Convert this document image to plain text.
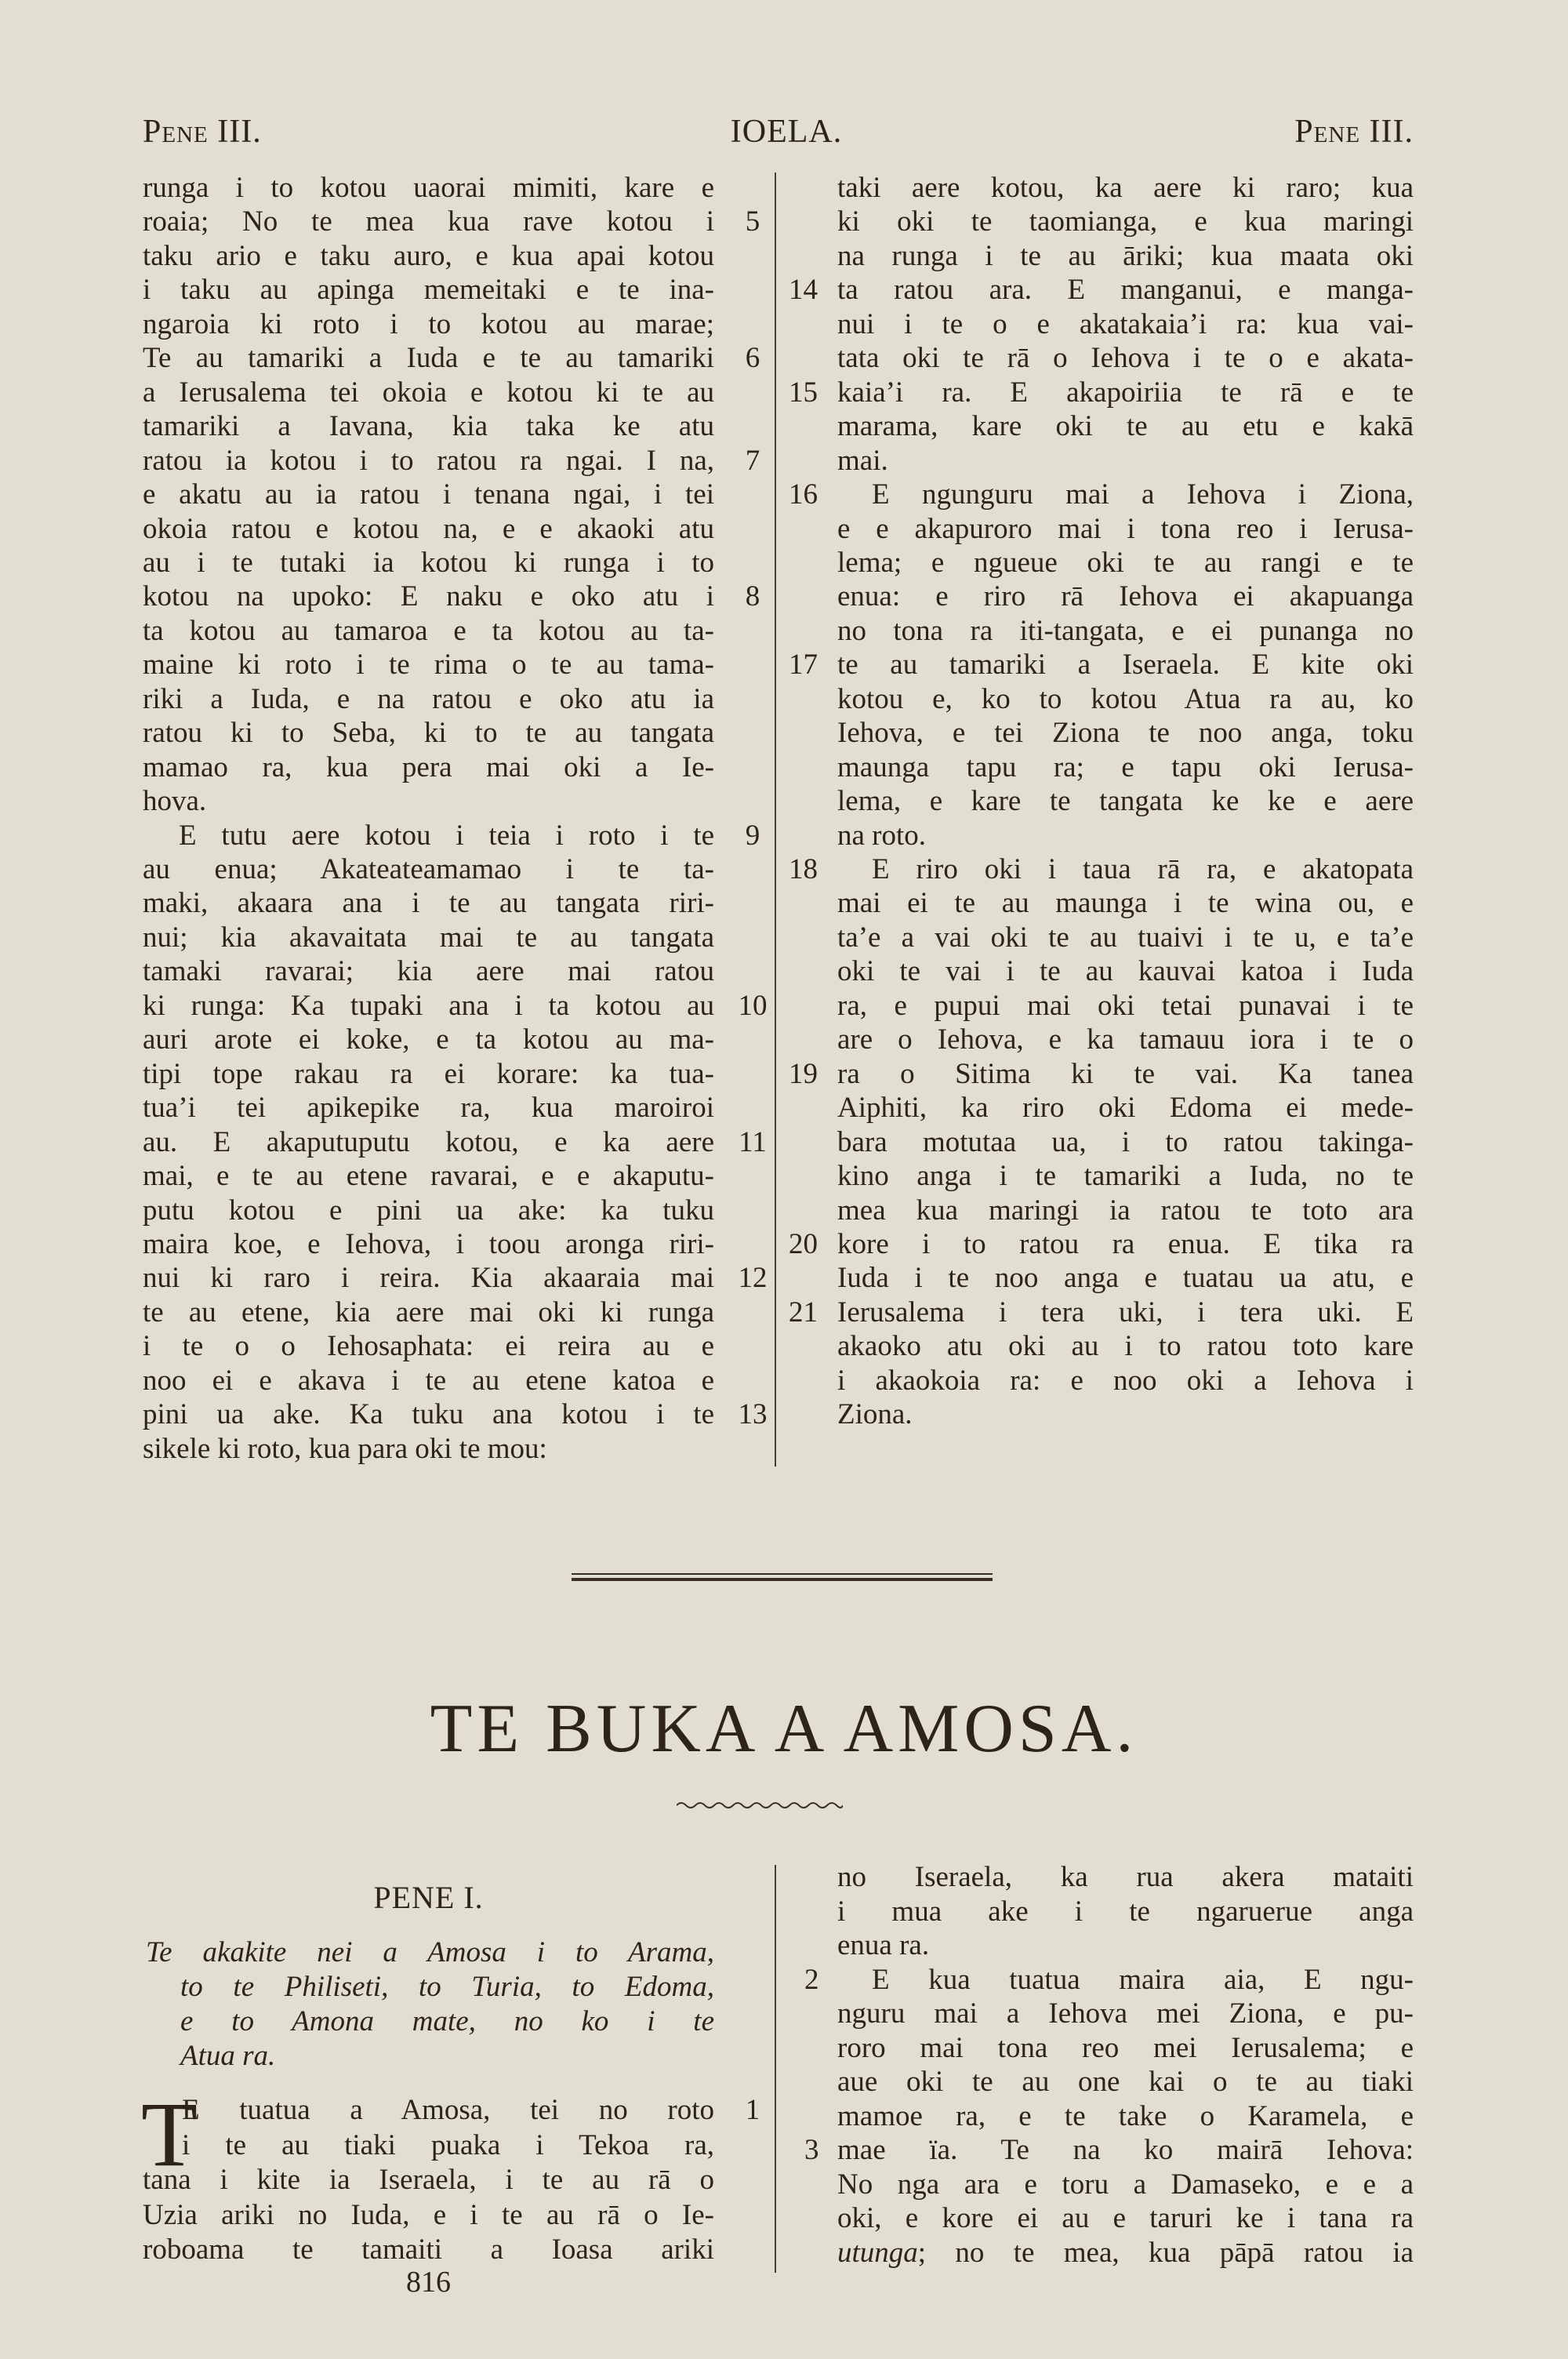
Pene III.	IOELA.	Pene III.
runga i to kotou uaorai mimiti, kare e
roaia; No te mea kua rave kotou i	5
taku ario e taku auro, e kua apai kotou
i taku au apinga memeitaki e te ina-
ngaroia ki roto i to kotou au marae;
Te au tamariki a Iuda e te au tamariki	6
a Ierusalema tei okoia e kotou ki te au
tamariki a Iavana, kia taka ke atu
ratou ia kotou i to ratou ra ngai. I na,	7
e akatu au ia ratou i tenana ngai, i tei
okoia ratou e kotou na, e e akaoki atu
au i te tutaki ia kotou ki runga i to
kotou na upoko: E naku e oko atu i	8
ta kotou au tamaroa e ta kotou au ta-
maine ki roto i te rima o te au tama-
riki a Iuda, e na ratou e oko atu ia
ratou ki to Seba, ki to te au tangata
mamao ra, kua pera mai oki a Ie-
hova.
E tutu aere kotou i teia i roto i te	9
au enua; Akateateamamao i te ta-
maki, akaara ana i te au tangata riri-
nui; kia akavaitata mai te au tangata
tamaki ravarai; kia aere mai ratou
ki runga: Ka tupaki ana i ta kotou au 10
auri arote ei koke, e ta kotou au ma-
tipi tope rakau ra ei korare: ka tua-
tua’i tei apikepike ra, kua maroiroi
au. E akaputuputu kotou, e ka aere 11
mai, e te au etene ravarai, e e akaputu-
putu kotou e pini ua ake: ka tuku
maira koe, e Iehova, i toou aronga riri-
nui ki raro i reira. Kia akaaraia mai 12
te au etene, kia aere mai oki ki runga
i te o o Iehosaphata: ei reira au e
noo ei e akava i te au etene katoa e
pini ua ake. Ka tuku ana kotou i te 13
sikele ki roto, kua para oki te mou:
taki aere kotou, ka aere ki raro; kua
ki oki te taomianga, e kua maringi
na runga i te au āriki; kua maata oki
ta ratou ara. E manganui, e manga-
14
nui i te o e akatakaia’i ra: kua vai-
tata oki te rā o Iehova i te o e akata-
kaia’i ra. E akapoiriia te rā e te
15
marama, kare oki te au etu e kakā
mai.
E ngunguru mai a Iehova i Ziona,
16
e e akapuroro mai i tona reo i Ierusa-
lema; e ngueue oki te au rangi e te
enua: e riro rā Iehova ei akapuanga
no tona ra iti-tangata, e ei punanga no
te au tamariki a Iseraela. E kite oki
17
kotou e, ko to kotou Atua ra au, ko
Iehova, e tei Ziona te noo anga, toku
maunga tapu ra; e tapu oki Ierusa-
lema, e kare te tangata ke ke e aere
na roto.
E riro oki i taua rā ra, e akatopata
18
mai ei te au maunga i te wina ou, e
ta’e a vai oki te au tuaivi i te u, e ta’e
oki te vai i te au kauvai katoa i Iuda
ra, e pupui mai oki tetai punavai i te
are o Iehova, e ka tamauu iora i te o
ra o Sitima ki te vai. Ka tanea
19
Aiphiti, ka riro oki Edoma ei mede-
bara motutaa ua, i to ratou takinga-
kino anga i te tamariki a Iuda, no te
mea kua maringi ia ratou te toto ara
kore i to ratou ra enua. E tika ra
20
Iuda i te noo anga e tuatau ua atu, e
Ierusalema i tera uki, i tera uki. E
21
akaoko atu oki au i to ratou toto kare
i akaokoia ra: e noo oki a Iehova i
Ziona.
TE BUKA A AMOSA.
PENE I.
Te akakite nei a Amosa i to Arama,
to te Philiseti, to Turia, to Edoma,
e to Amona mate, no ko i te
Atua ra.
T
E tuatua a Amosa, tei no roto	1
i te au tiaki puaka i Tekoa ra,
tana i kite ia Iseraela, i te au rā o
Uzia ariki no Iuda, e i te au rā o Ie-
roboama te tamaiti a Ioasa ariki
no Iseraela, ka rua akera mataiti
i mua ake i te ngaruerue anga
enua ra.
E kua tuatua maira aia, E ngu-
2
nguru mai a Iehova mei Ziona, e pu-
roro mai tona reo mei Ierusalema; e
aue oki te au one kai o te au tiaki
mamoe ra, e te take o Karamela, e
mae ïa. Te na ko mairā Iehova:
3
No nga ara e toru a Damaseko, e e a
oki, e kore ei au e taruri ke i tana ra
utunga; no te mea, kua pāpā ratou ia
816
